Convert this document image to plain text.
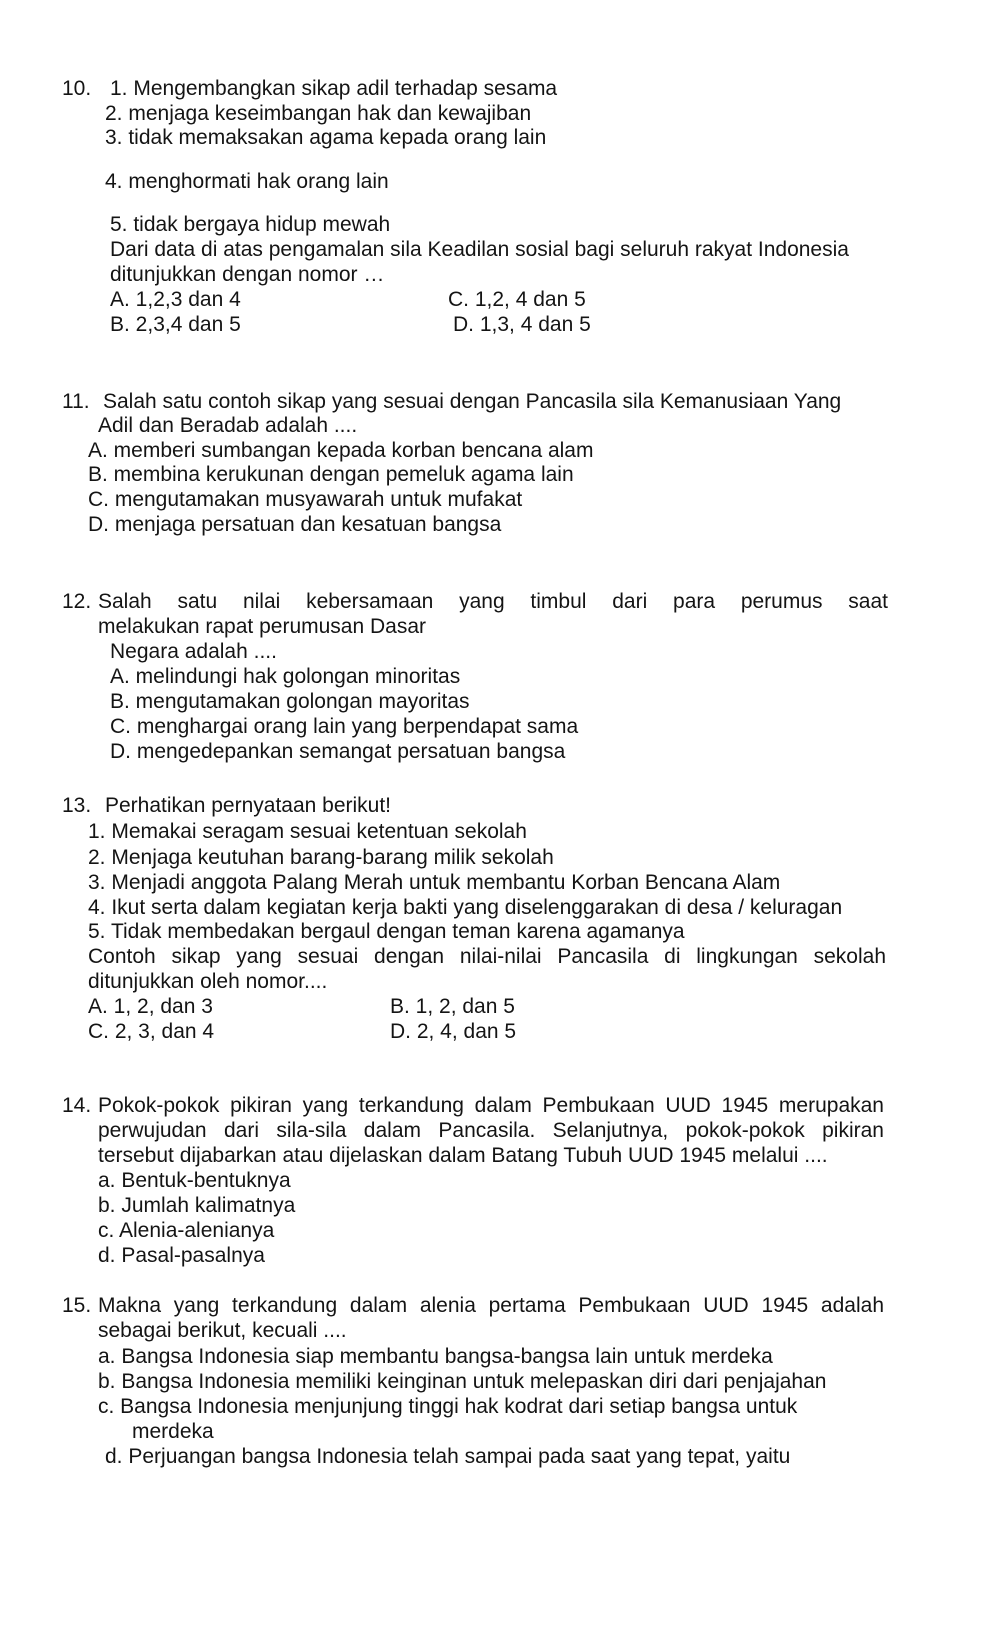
10. 1. Mengembangkan sikap adil terhadap sesama
2. menjaga keseimbangan hak dan kewajiban
3. tidak memaksakan agama kepada orang lain
4. menghormati hak orang lain
5. tidak bergaya hidup mewah
Dari data di atas pengamalan sila Keadilan sosial bagi seluruh rakyat Indonesia
ditunjukkan dengan nomor …
A. 1,2,3 dan 4	C. 1,2, 4 dan 5
B. 2,3,4 dan 5	D. 1,3, 4 dan 5
11. Salah satu contoh sikap yang sesuai dengan Pancasila sila Kemanusiaan Yang
Adil dan Beradab adalah ....
A. memberi sumbangan kepada korban bencana alam
B. membina kerukunan dengan pemeluk agama lain
C. mengutamakan musyawarah untuk mufakat
D. menjaga persatuan dan kesatuan bangsa
12. Salah satu nilai kebersamaan yang timbul dari para perumus saat
melakukan rapat perumusan Dasar
Negara adalah ....
A. melindungi hak golongan minoritas
B. mengutamakan golongan mayoritas
C. menghargai orang lain yang berpendapat sama
D. mengedepankan semangat persatuan bangsa
13. Perhatikan pernyataan berikut!
1. Memakai seragam sesuai ketentuan sekolah
2. Menjaga keutuhan barang-barang milik sekolah
3. Menjadi anggota Palang Merah untuk membantu Korban Bencana Alam
4. Ikut serta dalam kegiatan kerja bakti yang diselenggarakan di desa / keluragan
5. Tidak membedakan bergaul dengan teman karena agamanya
Contoh sikap yang sesuai dengan nilai-nilai Pancasila di lingkungan sekolah
ditunjukkan oleh nomor....
A. 1, 2, dan 3	B. 1, 2, dan 5
C. 2, 3, dan 4	D. 2, 4, dan 5
14. Pokok-pokok pikiran yang terkandung dalam Pembukaan UUD 1945 merupakan
perwujudan dari sila-sila dalam Pancasila. Selanjutnya, pokok-pokok pikiran
tersebut dijabarkan atau dijelaskan dalam Batang Tubuh UUD 1945 melalui ....
a. Bentuk-bentuknya
b. Jumlah kalimatnya
c. Alenia-alenianya
d. Pasal-pasalnya
15. Makna yang terkandung dalam alenia pertama Pembukaan UUD 1945 adalah
sebagai berikut, kecuali ....
a. Bangsa Indonesia siap membantu bangsa-bangsa lain untuk merdeka
b. Bangsa Indonesia memiliki keinginan untuk melepaskan diri dari penjajahan
c. Bangsa Indonesia menjunjung tinggi hak kodrat dari setiap bangsa untuk
merdeka
d. Perjuangan bangsa Indonesia telah sampai pada saat yang tepat, yaitu
